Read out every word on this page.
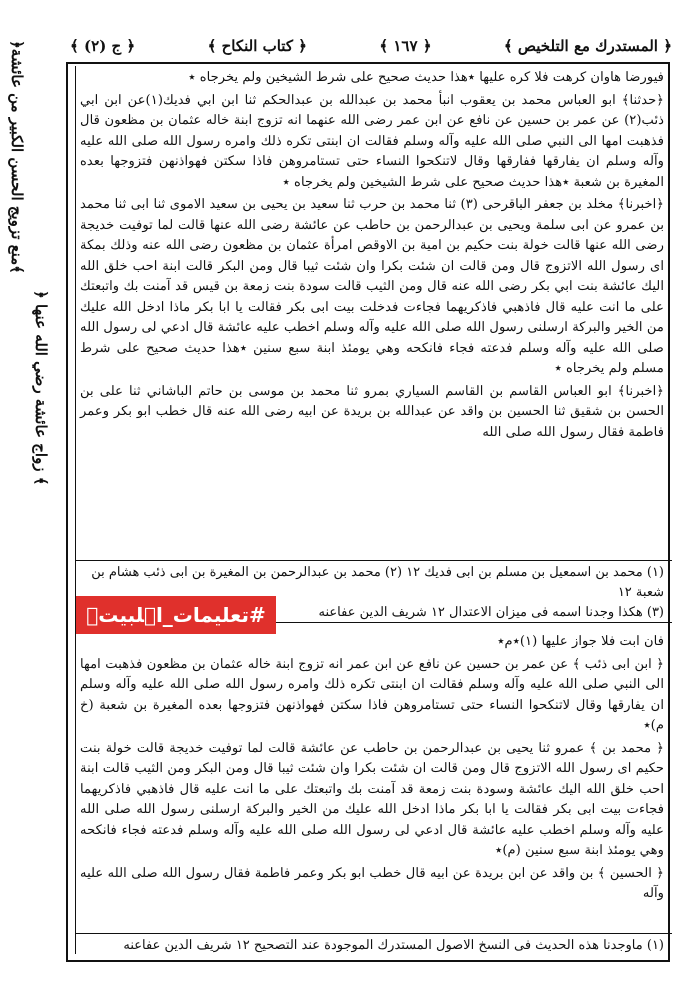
﴿ المستدرك مع التلخيص ﴾
﴿ ١٦٧ ﴾
﴿ كتاب النكاح ﴾
﴿ ج (٢) ﴾
﴿منع تزويج الحسن الكبير من عائشة﴾
﴿ زواج عائشة رضي الله عنها ﴾

فيورضا هاوان كرهت فلا كره عليها ٭هذا حديث صحيح على شرط الشيخين ولم يخرجاه ٭

﴿حدثنا﴾ ابو العباس محمد بن يعقوب انبأ محمد بن عبدالله بن عبدالحكم ثنا ابن ابي فديك(١)عن ابن ابي ذئب(٢) عن عمر بن حسين عن نافع عن ابن عمر رضى الله عنهما انه تزوج ابنة خاله عثمان بن مظعون قال فذهبت امها الى النبي صلى الله عليه وآله وسلم فقالت ان ابنتى تكره ذلك وامره رسول الله صلى الله عليه وآله وسلم ان يفارقها ففارقها وقال لاتنكحوا النساء حتى تستامروهن فاذا سكتن فهواذنهن فتزوجها بعده المغيرة بن شعبة ٭هذا حديث صحيح على شرط الشيخين ولم يخرجاه ٭

﴿اخبرنا﴾ مخلد بن جعفر الباقرحى (٣) ثنا محمد بن حرب ثنا سعيد بن يحيى بن سعيد الاموى ثنا ابى ثنا محمد بن عمرو عن ابى سلمة ويحيى بن عبدالرحمن بن حاطب عن عائشة رضى الله عنها قالت لما توفيت خديجة رضى الله عنها قالت خولة بنت حكيم بن امية بن الاوقص امرأة عثمان بن مظعون رضى الله عنه وذلك بمكة اى رسول الله الاتزوج قال ومن قالت ان شئت بكرا وان شئت ثيبا قال ومن البكر قالت ابنة احب خلق الله اليك عائشة بنت ابي بكر رضى الله عنه قال ومن الثيب قالت سودة بنت زمعة بن قيس قد آمنت بك واتبعتك على ما انت عليه قال فاذهبي فاذكريهما فجاءت فدخلت بيت ابى بكر فقالت يا ابا بكر ماذا ادخل الله عليك من الخير والبركة ارسلنى رسول الله صلى الله عليه وآله وسلم اخطب عليه عائشة قال ادعي لى رسول الله صلى الله عليه وآله وسلم فدعته فجاء فانكحه وهي يومئذ ابنة سبع سنين ٭هذا حديث صحيح على شرط مسلم ولم يخرجاه ٭

﴿اخبرنا﴾ ابو العباس القاسم بن القاسم السياري بمرو ثنا محمد بن موسى بن حاتم الباشاني ثنا على بن الحسن بن شقيق ثنا الحسين بن واقد عن عبدالله بن بريدة عن ابيه رضى الله عنه قال خطب ابو بكر وعمر فاطمة فقال رسول الله صلى الله

(١) محمد بن اسمعيل بن مسلم بن ابى فديك ١٢ (٢) محمد بن عبدالرحمن بن المغيرة بن ابى ذئب هشام بن شعبة ١٢

(٣) هكذا وجدنا اسمه فى ميزان الاعتدال ١٢ شريف الدين عفاعنه

#تعليمات_اہلبیتؑ

فان ابت فلا جواز عليها (١)٭م٭

﴿ ابن ابى ذئب ﴾ عن عمر بن حسين عن نافع عن ابن عمر انه تزوج ابنة خاله عثمان بن مظعون فذهبت امها الى النبي صلى الله عليه وآله وسلم فقالت ان ابنتى تكره ذلك وامره رسول الله صلى الله عليه وآله وسلم ان يفارقها وقال لاتنكحوا النساء حتى تستامروهن فاذا سكتن فهواذنهن فتزوجها بعده المغيرة بن شعبة (خ م)٭

﴿ محمد بن ﴾ عمرو ثنا يحيى بن عبدالرحمن بن حاطب عن عائشة قالت لما توفيت خديجة قالت خولة بنت حكيم اى رسول الله الاتزوج قال ومن قالت ان شئت بكرا وان شئت ثيبا قال ومن البكر ومن الثيب قالت ابنة احب خلق الله اليك عائشة وسودة بنت زمعة قد آمنت بك واتبعتك على ما انت عليه قال فاذهبي فاذكريهما فجاءت بيت ابى بكر فقالت يا ابا بكر ماذا ادخل الله عليك من الخير والبركة ارسلنى رسول الله صلى الله عليه وآله وسلم اخطب عليه عائشة قال ادعي لى رسول الله صلى الله عليه وآله وسلم فدعته فجاء فانكحه وهي يومئذ ابنة سبع سنين (م)٭

﴿ الحسين ﴾ بن واقد عن ابن بريدة عن ابيه قال خطب ابو بكر وعمر فاطمة فقال رسول الله صلى الله عليه وآله

(١) ماوجدنا هذه الحديث فى النسخ الاصول المستدرك الموجودة عند التصحيح ١٢ شريف الدين عفاعنه
